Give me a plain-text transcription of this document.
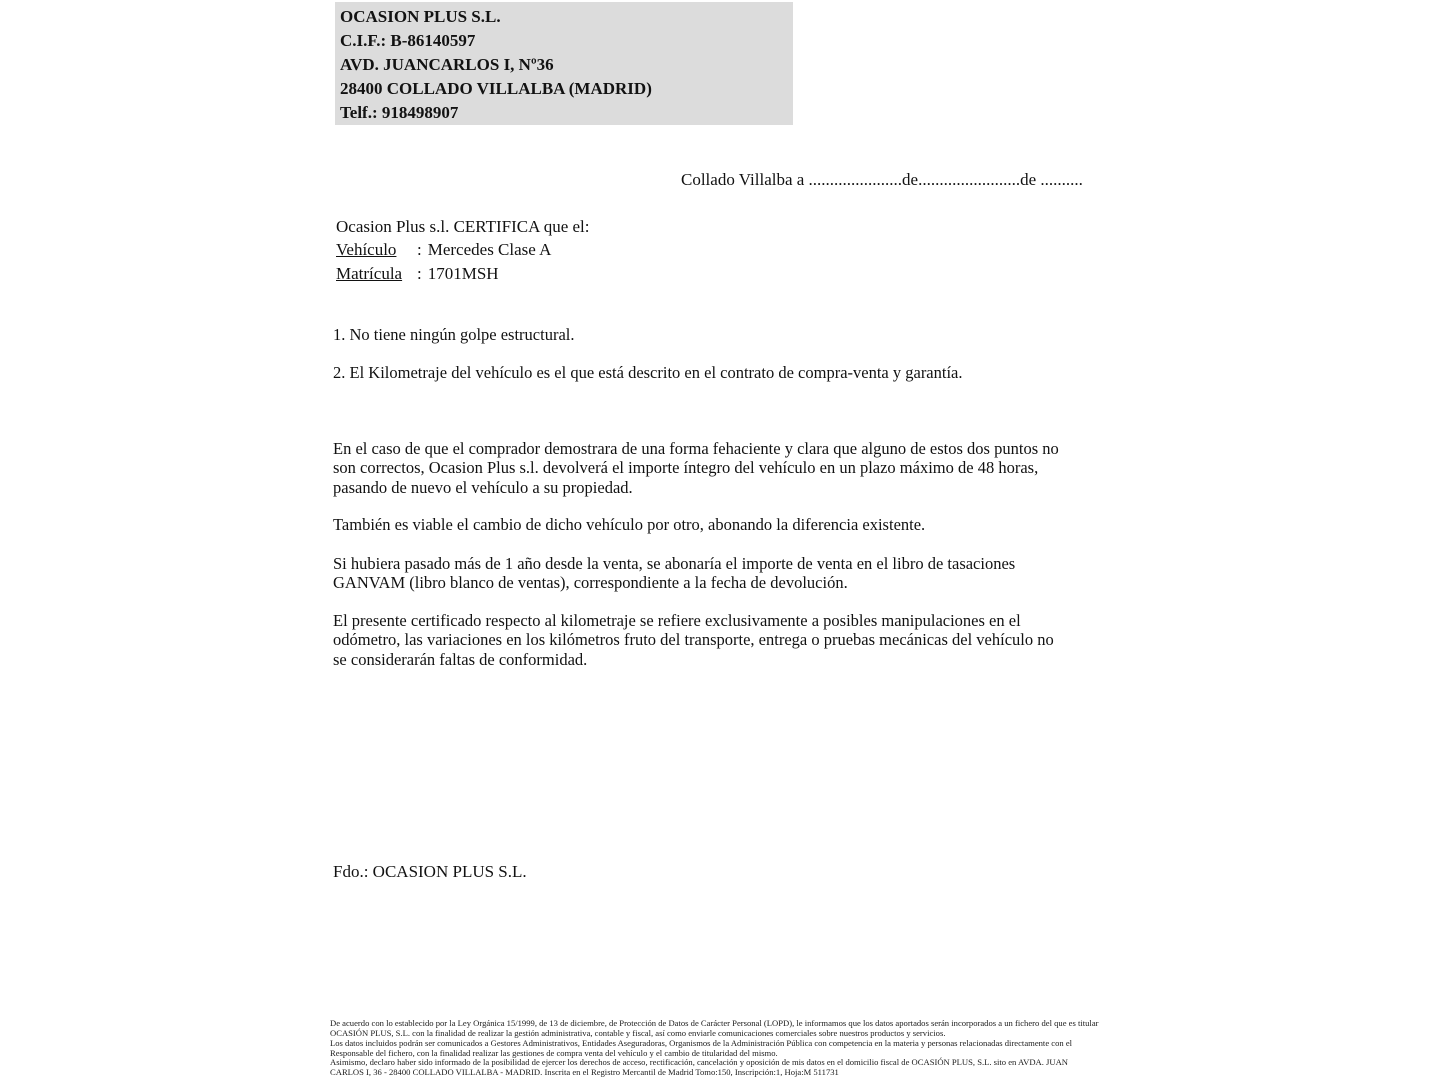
OCASION PLUS S.L.
C.I.F.: B-86140597
AVD. JUANCARLOS I, Nº36
28400 COLLADO VILLALBA (MADRID)
Telf.: 918498907
Collado Villalba a ......................de........................de ..........
Ocasion Plus s.l. CERTIFICA que el:
Vehículo : Mercedes Clase A
Matrícula : 1701MSH
1. No tiene ningún golpe estructural.
2. El Kilometraje del vehículo es el que está descrito en el contrato de compra-venta y garantía.
En el caso de que el comprador demostrara de una forma fehaciente y clara que alguno de estos dos puntos no
son correctos, Ocasion Plus s.l. devolverá el importe íntegro del vehículo en un plazo máximo de 48 horas,
pasando de nuevo el vehículo a su propiedad.
También es viable el cambio de dicho vehículo por otro, abonando la diferencia existente.
Si hubiera pasado más de 1 año desde la venta, se abonaría el importe de venta en el libro de tasaciones
GANVAM (libro blanco de ventas), correspondiente a la fecha de devolución.
El presente certificado respecto al kilometraje se refiere exclusivamente a posibles manipulaciones en el
odómetro, las variaciones en los kilómetros fruto del transporte, entrega o pruebas mecánicas del vehículo no
se considerarán faltas de conformidad.
Fdo.: OCASION PLUS S.L.
De acuerdo con lo establecido por la Ley Orgánica 15/1999, de 13 de diciembre, de Protección de Datos de Carácter Personal (LOPD), le informamos que los datos aportados serán incorporados a un fichero del que es titular
OCASIÓN PLUS, S.L. con la finalidad de realizar la gestión administrativa, contable y fiscal, así como enviarle comunicaciones comerciales sobre nuestros productos y servicios.
Los datos incluidos podrán ser comunicados a Gestores Administrativos, Entidades Aseguradoras, Organismos de la Administración Pública con competencia en la materia y personas relacionadas directamente con el
Responsable del fichero, con la finalidad realizar las gestiones de compra venta del vehículo y el cambio de titularidad del mismo.
Asimismo, declaro haber sido informado de la posibilidad de ejercer los derechos de acceso, rectificación, cancelación y oposición de mis datos en el domicilio fiscal de OCASIÓN PLUS, S.L. sito en AVDA. JUAN
CARLOS I, 36 - 28400 COLLADO VILLALBA - MADRID. Inscrita en el Registro Mercantil de Madrid Tomo:150, Inscripción:1, Hoja:M 511731
